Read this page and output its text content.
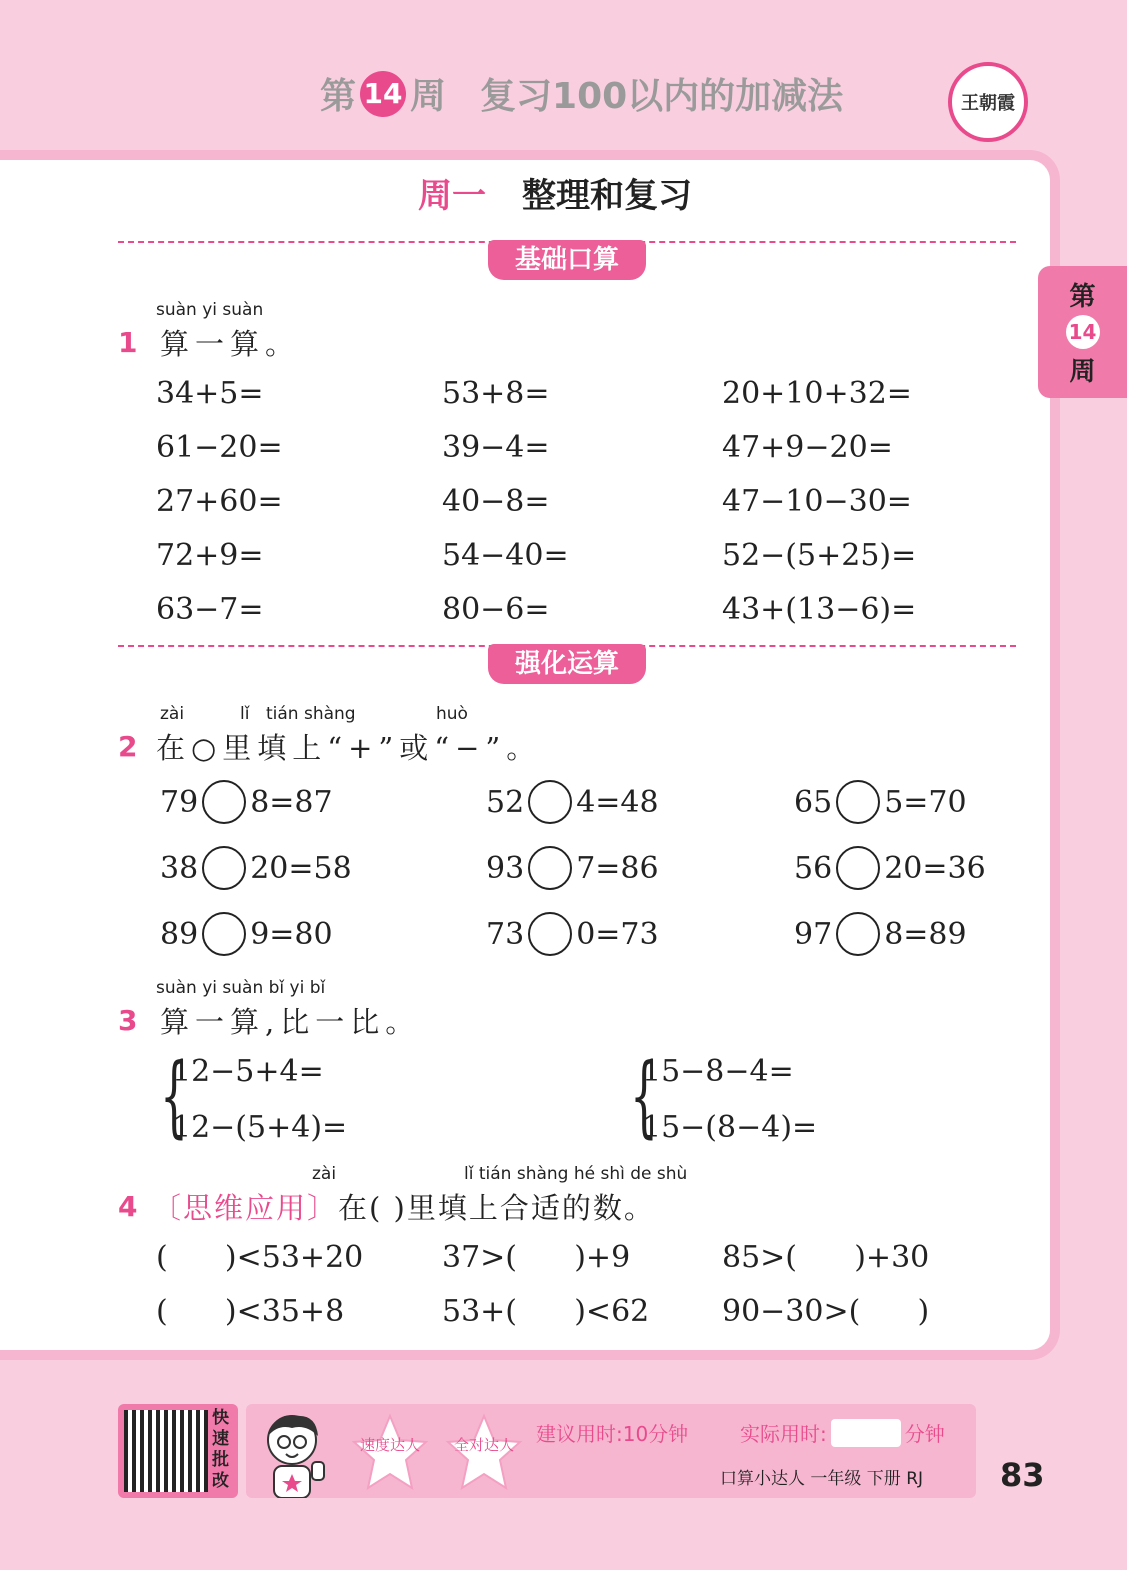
第 14 周 复习100以内的加减法	王朝霞
第
14
周
周一 整理和复习
基础口算
suàn yi suàn
1 算一算。
34+5=	53+8=	20+10+32=
61−20=	39−4=	47+9−20=
27+60=	40−8=	47−10−30=
72+9=	54−40=	52−(5+25)=
63−7=	80−6=	43+(13−6)=
强化运算
zài	lǐ tián shàng	huò
2 在○里填上“+”或“−”。
79 8=87	52 4=48	65 5=70
38 20=58	93 7=86	56 20=36
89 9=80	73 0=73	97 8=89
suàn yi suàn bǐ yi bǐ
3 算一算,比一比。
{
12−5+4=
12−(5+4)=	{
15−8−4=
15−(8−4)=
zài	lǐ tián shàng hé shì de shù
4 〔思维应用〕在( )里填上合适的数。
(      )<53+20	37>(      )+9	85>(      )+30
(      )<35+8	53+(      )<62 90−30>(      )
快速批改
速度达人	全对达人	建议用时:10分钟	实际用时:	分钟
口算小达人 一年级 下册 RJ 83
